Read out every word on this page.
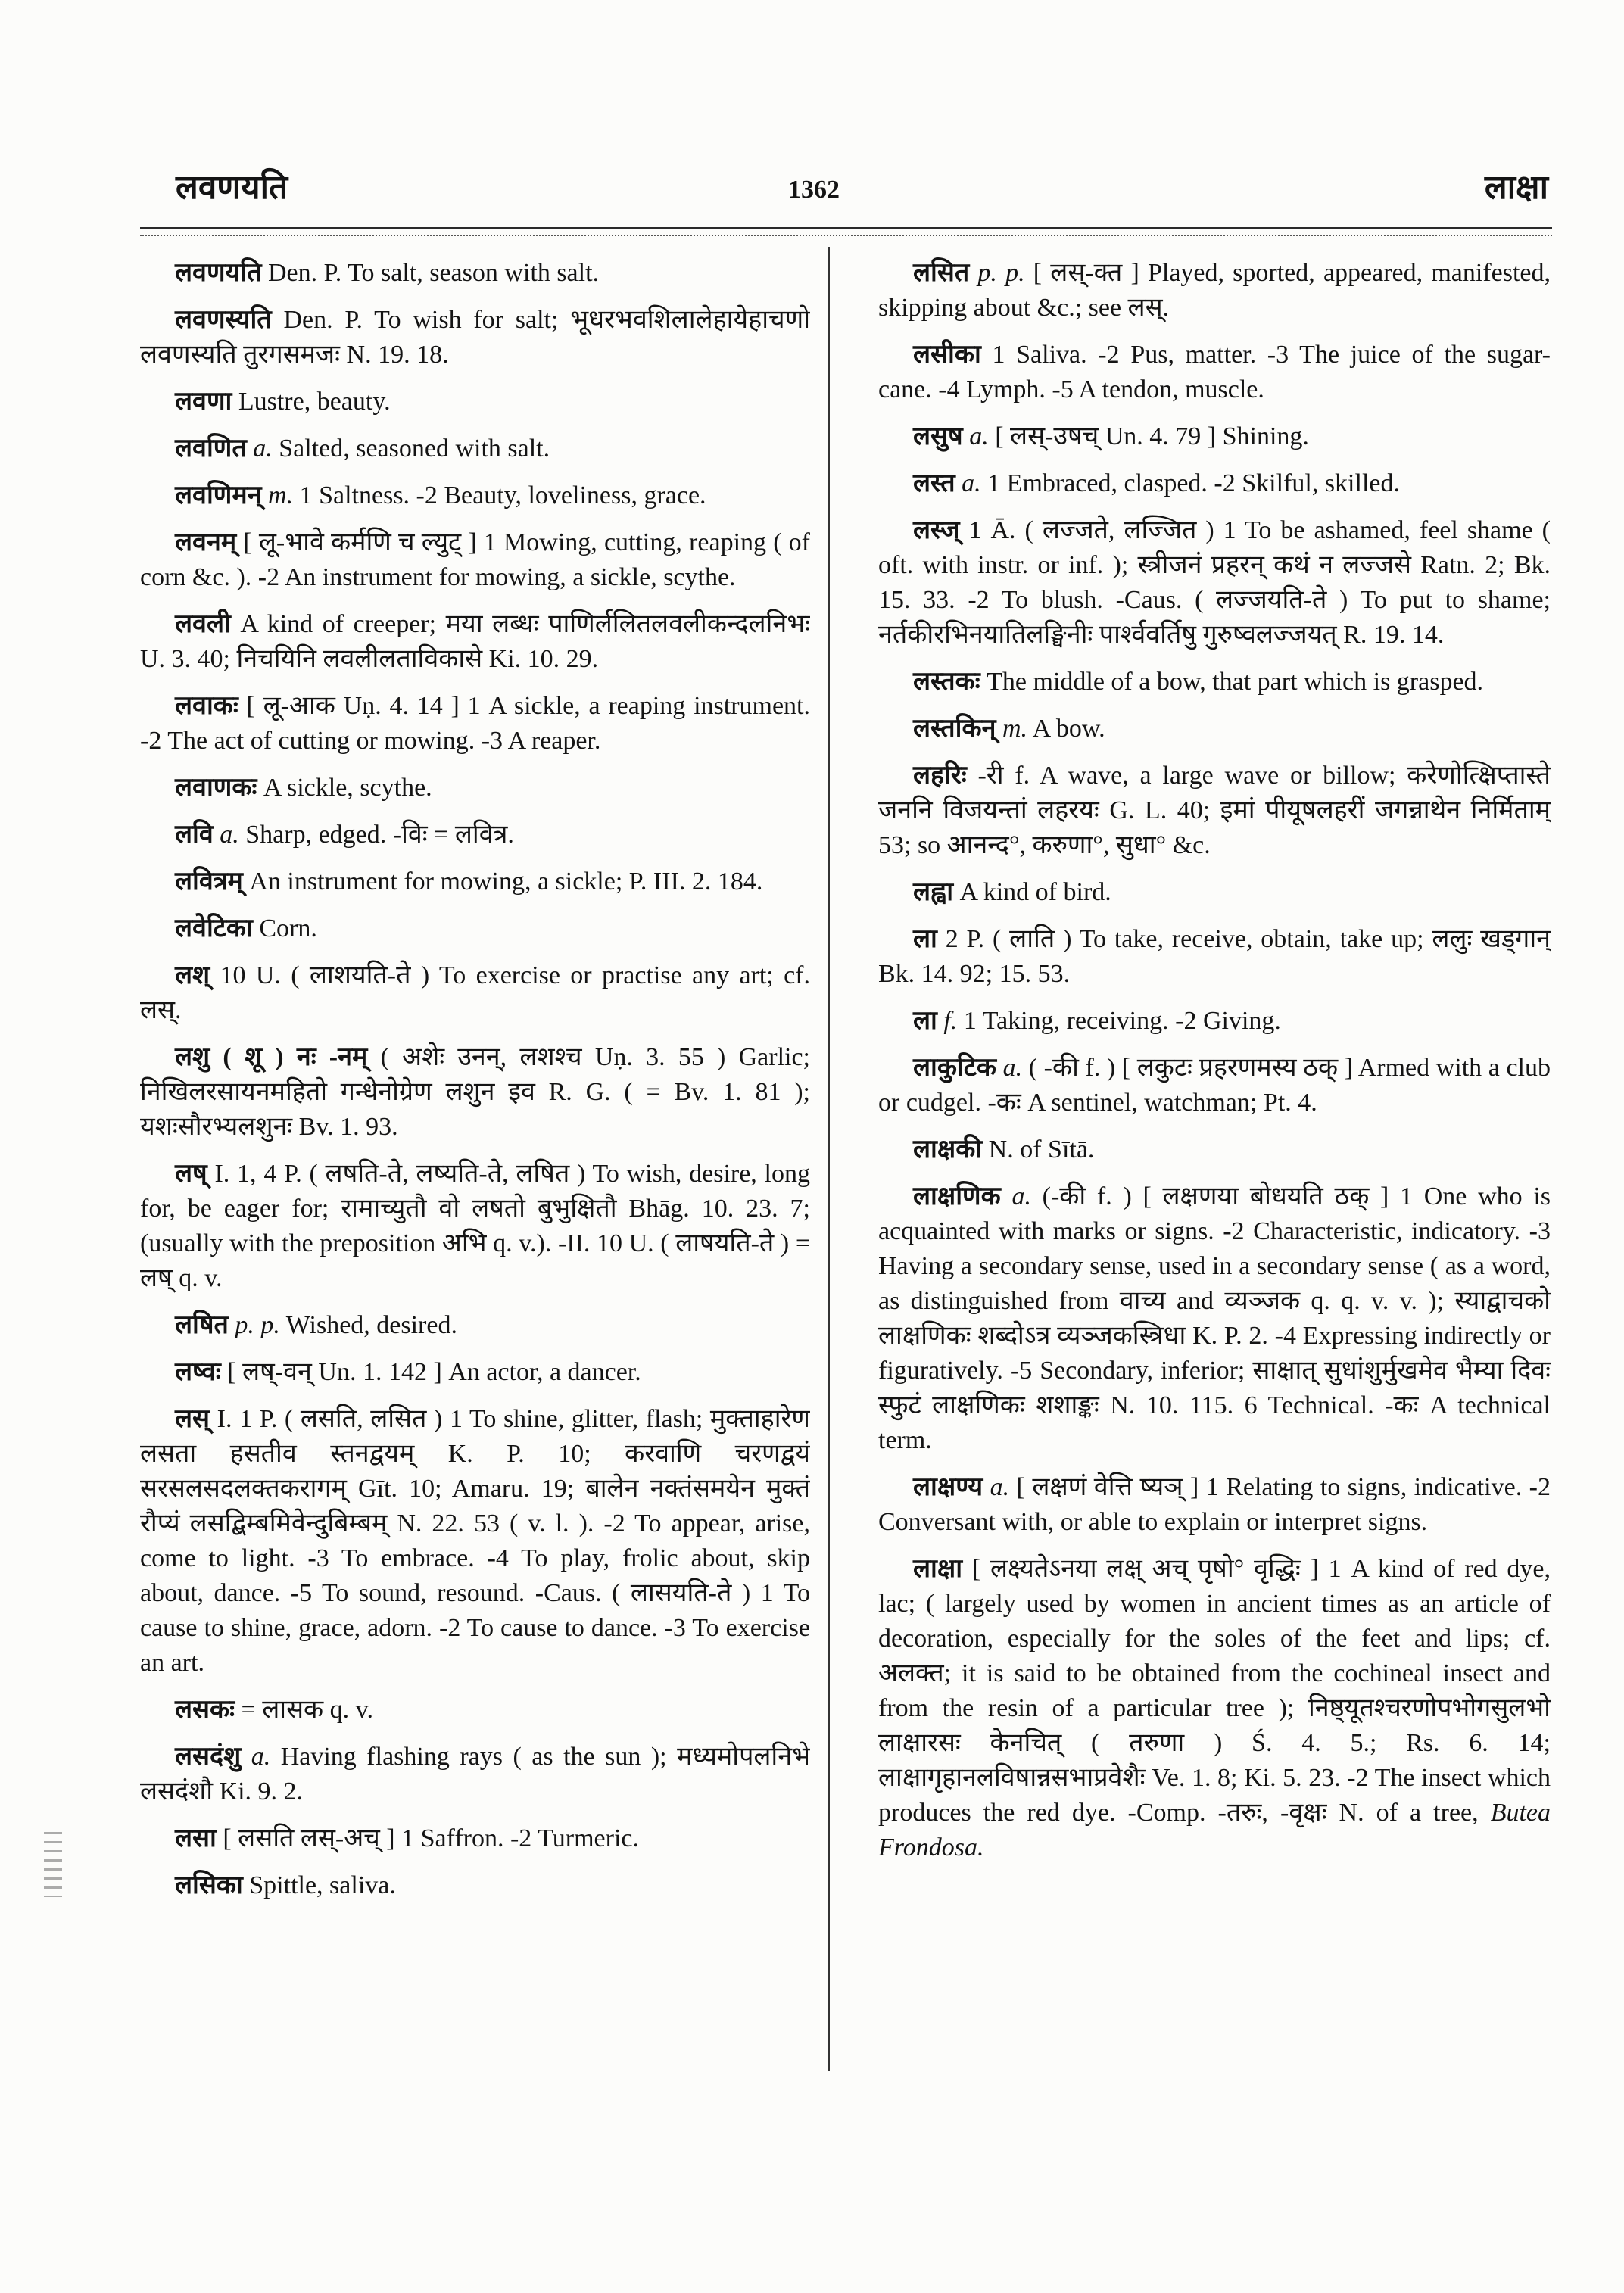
लवणयति	1362	लाक्षा

लवणयति Den. P. To salt, season with salt.

लवणस्यति Den. P. To wish for salt; भूधरभवशिलालेहायेहाचणो लवणस्यति तुरगसमजः N. 19. 18.

लवणा Lustre, beauty.

लवणित a. Salted, seasoned with salt.

लवणिमन् m. 1 Saltness. -2 Beauty, loveliness, grace.

लवनम् [ लू-भावे कर्मणि च ल्युट् ] 1 Mowing, cutting, reaping ( of corn &c. ). -2 An instrument for mowing, a sickle, scythe.

लवली A kind of creeper; मया लब्धः पाणिर्ललितलवलीकन्दलनिभः U. 3. 40; निचयिनि लवलीलताविकासे Ki. 10. 29.

लवाकः [ लू-आक Uṇ. 4. 14 ] 1 A sickle, a reaping instrument. -2 The act of cutting or mowing. -3 A reaper.

लवाणकः A sickle, scythe.

लवि a. Sharp, edged. -विः = लवित्र.

लवित्रम् An instrument for mowing, a sickle; P. III. 2. 184.

लवेटिका Corn.

लश् 10 U. ( लाशयति-ते ) To exercise or practise any art; cf. लस्.

लशु ( शू ) नः -नम् ( अशेः उनन्, लशश्च Uṇ. 3. 55 ) Garlic; निखिलरसायनमहितो गन्धेनोग्रेण लशुन इव R. G. ( = Bv. 1. 81 ); यशःसौरभ्यलशुनः Bv. 1. 93.

लष् I. 1, 4 P. ( लषति-ते, लष्यति-ते, लषित ) To wish, desire, long for, be eager for; रामाच्युतौ वो लषतो बुभुक्षितौ Bhāg. 10. 23. 7;(usually with the preposition अभि q. v.). -II. 10 U. ( लाषयति-ते ) = लष् q. v.

लषित p. p. Wished, desired.

लष्वः [ लष्-वन् Un. 1. 142 ] An actor, a dancer.

लस् I. 1 P. ( लसति, लसित ) 1 To shine, glitter, flash; मुक्ताहारेण लसता हसतीव स्तनद्वयम् K. P. 10; करवाणि चरणद्वयं सरसलसदलक्तकरागम् Gīt. 10; Amaru. 19; बालेन नक्तंसमयेन मुक्तं रौप्यं लसद्बिम्बमिवेन्दुबिम्बम् N. 22. 53 ( v. l. ). -2 To appear, arise, come to light. -3 To embrace. -4 To play, frolic about, skip about, dance. -5 To sound, resound. -Caus. ( लासयति-ते ) 1 To cause to shine, grace, adorn. -2 To cause to dance. -3 To exercise an art.

लसकः = लासक q. v.

लसदंशु a. Having flashing rays ( as the sun ); मध्यमोपलनिभे लसदंशौ Ki. 9. 2.

लसा [ लसति लस्-अच् ] 1 Saffron. -2 Turmeric.

लसिका Spittle, saliva.

लसित p. p. [ लस्-क्त ] Played, sported, appeared, manifested, skipping about &c.; see लस्.

लसीका 1 Saliva. -2 Pus, matter. -3 The juice of the sugar-cane. -4 Lymph. -5 A tendon, muscle.

लसुष a. [ लस्-उषच् Un. 4. 79 ] Shining.

लस्त a. 1 Embraced, clasped. -2 Skilful, skilled.

लस्ज् 1 Ā. ( लज्जते, लज्जित ) 1 To be ashamed, feel shame ( oft. with instr. or inf. ); स्त्रीजनं प्रहरन् कथं न लज्जसे Ratn. 2; Bk. 15. 33. -2 To blush. -Caus. ( लज्जयति-ते ) To put to shame; नर्तकीरभिनयातिलङ्घिनीः पार्श्ववर्तिषु गुरुष्वलज्जयत् R. 19. 14.

लस्तकः The middle of a bow, that part which is grasped.

लस्तकिन् m. A bow.

लहरिः -री f. A wave, a large wave or billow; करेणोत्क्षिप्तास्ते जननि विजयन्तां लहरयः G. L. 40; इमां पीयूषलहरीं जगन्नाथेन निर्मिताम् 53; so आनन्द°, करुणा°, सुधा° &c.

लह्वा A kind of bird.

ला 2 P. ( लाति ) To take, receive, obtain, take up; ललुः खड्गान् Bk. 14. 92; 15. 53.

ला f. 1 Taking, receiving. -2 Giving.

लाकुटिक a. ( -की f. ) [ लकुटः प्रहरणमस्य ठक् ] Armed with a club or cudgel. -कः A sentinel, watchman; Pt. 4.

लाक्षकी N. of Sītā.

लाक्षणिक a. (-की f. ) [ लक्षणया बोधयति ठक् ] 1 One who is acquainted with marks or signs. -2 Characteristic, indicatory. -3 Having a secondary sense, used in a secondary sense ( as a word, as distinguished from वाच्य and व्यञ्जक q. q. v. v. ); स्याद्वाचको लाक्षणिकः शब्दोऽत्र व्यञ्जकस्त्रिधा K. P. 2. -4 Expressing indirectly or figuratively. -5 Secondary, inferior; साक्षात् सुधांशुर्मुखमेव भैम्या दिवः स्फुटं लाक्षणिकः शशाङ्कः N. 10. 115. 6 Technical. -कः A technical term.

लाक्षण्य a. [ लक्षणं वेत्ति ष्यञ् ] 1 Relating to signs, indicative. -2 Conversant with, or able to explain or interpret signs.

लाक्षा [ लक्ष्यतेऽनया लक्ष् अच् पृषो° वृद्धिः ] 1 A kind of red dye, lac; ( largely used by women in ancient times as an article of decoration, especially for the soles of the feet and lips; cf. अलक्त; it is said to be obtained from the cochineal insect and from the resin of a particular tree ); निष्ठ्यूतश्चरणोपभोगसुलभो लाक्षारसः केनचित् ( तरुणा ) Ś. 4. 5.; Rs. 6. 14; लाक्षागृहानलविषान्नसभाप्रवेशैः Ve. 1. 8; Ki. 5. 23. -2 The insect which produces the red dye. -Comp. -तरुः, -वृक्षः N. of a tree, Butea Frondosa.
